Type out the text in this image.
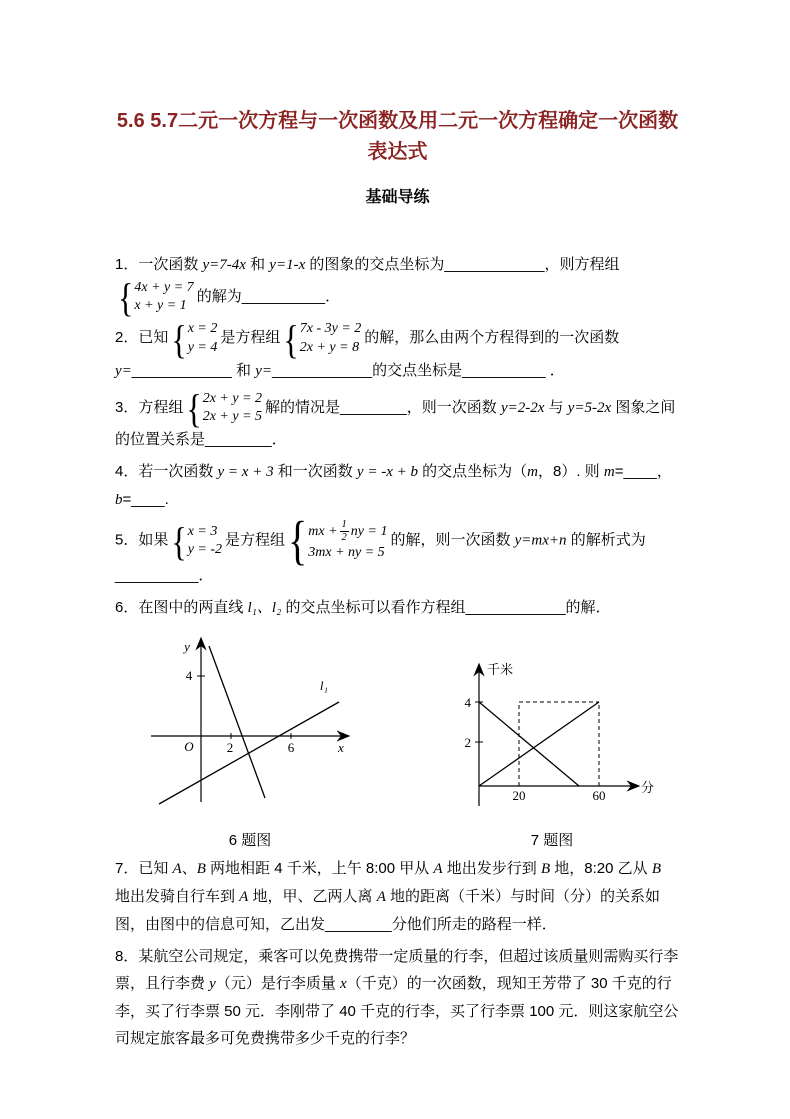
5.6 5.7二元一次方程与一次函数及用二元一次方程确定一次函数
表达式
基础导练

1．一次函数 y=7-4x 和 y=1-x 的图象的交点坐标为____________，则方程组
{ 4x + y = 7
x + y = 1
的解为__________．

2．已知 { x = 2
y = 4
是方程组 { 7x - 3y = 2
2x + y = 8
的解，那么由两个方程得到的一次函数 y=____________ 和 y=____________的交点坐标是__________ ．

3．方程组 { 2x + y = 2
2x + y = 5
解的情况是________，则一次函数 y=2-2x 与 y=5-2x 图象之间的位置关系是________．

4．若一次函数 y = x + 3 和一次函数 y = -x + b 的交点坐标为（m，8）. 则 m=____，b=____.

5．如果 { x = 3
y = -2
是方程组 { mx + $\frac{1}{2}$ ny = 1
3mx + ny = 5
的解，则一次函数 y=mx+n 的解析式为__________．

6．在图中的两直线 l₁、l₂ 的交点坐标可以看作方程组____________的解．

y
x
O
4
2	6
l₁
6 题图
千米
分
4
2
20	60
7 题图

7．已知 A、B 两地相距 4 千米，上午 8:00 甲从 A 地出发步行到 B 地，8:20 乙从 B 地出发骑自行车到 A 地，甲、乙两人离 A 地的距离（千米）与时间（分）的关系如图，由图中的信息可知，乙出发________分他们所走的路程一样．

8．某航空公司规定，乘客可以免费携带一定质量的行李，但超过该质量则需购买行李票，且行李费 y（元）是行李质量 x（千克）的一次函数，现知王芳带了 30 千克的行李，买了行李票 50 元．李刚带了 40 千克的行李，买了行李票 100 元．则这家航空公司规定旅客最多可免费携带多少千克的行李？
